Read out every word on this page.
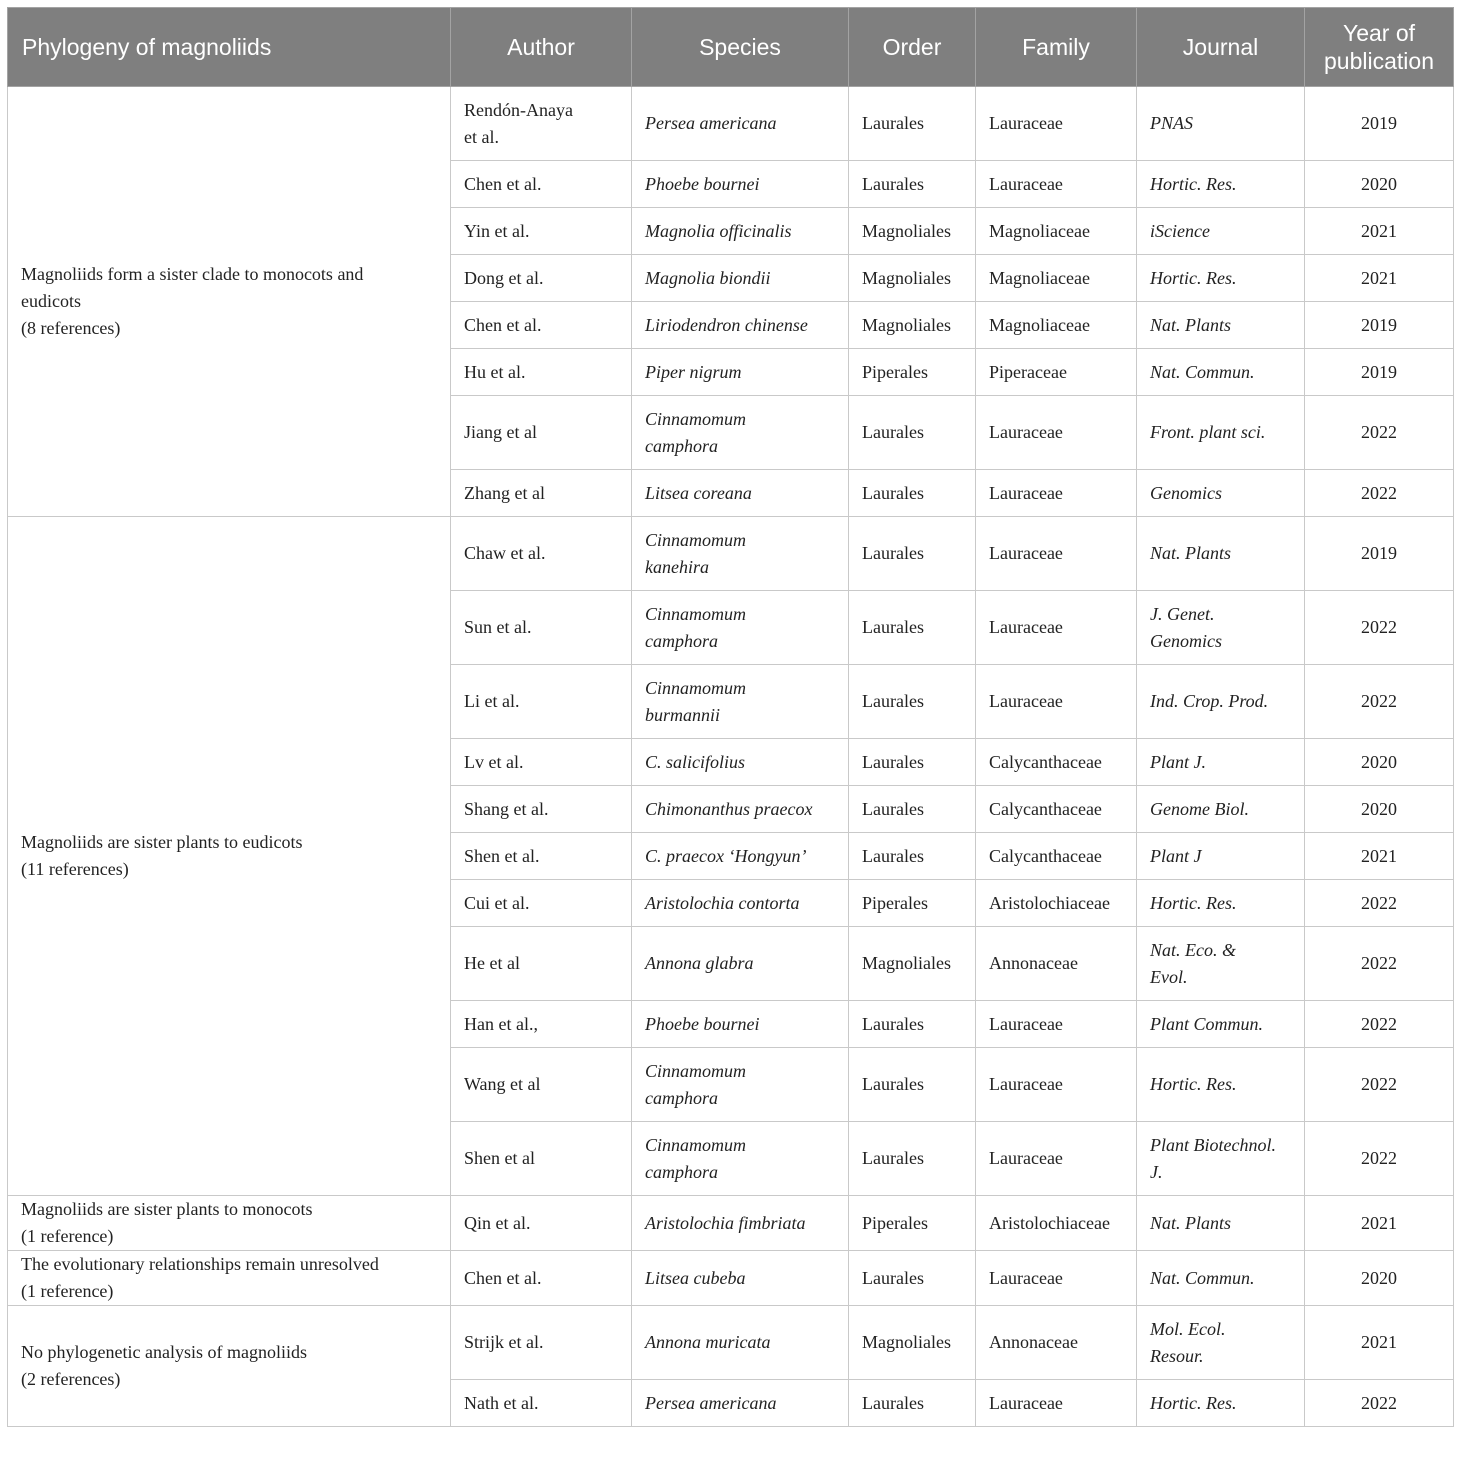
Phylogeny of magnoliids	Author	Species	Order	Family	Journal	Year of
publication
Magnoliids form a sister clade to monocots and
eudicots
(8 references)	Rendón-Anaya
et al.	Persea americana	Laurales	Lauraceae	PNAS	2019
	Chen et al.	Phoebe bournei	Laurales	Lauraceae	Hortic. Res.	2020
	Yin et al.	Magnolia officinalis	Magnoliales	Magnoliaceae	iScience	2021
	Dong et al.	Magnolia biondii	Magnoliales	Magnoliaceae	Hortic. Res.	2021
	Chen et al.	Liriodendron chinense	Magnoliales	Magnoliaceae	Nat. Plants	2019
	Hu et al.	Piper nigrum	Piperales	Piperaceae	Nat. Commun.	2019
	Jiang et al	Cinnamomum
camphora	Laurales	Lauraceae	Front. plant sci.	2022
	Zhang et al	Litsea coreana	Laurales	Lauraceae	Genomics	2022
Magnoliids are sister plants to eudicots
(11 references)	Chaw et al.	Cinnamomum
kanehira	Laurales	Lauraceae	Nat. Plants	2019
	Sun et al.	Cinnamomum
camphora	Laurales	Lauraceae	J. Genet.
Genomics	2022
	Li et al.	Cinnamomum
burmannii	Laurales	Lauraceae	Ind. Crop. Prod.	2022
	Lv et al.	C. salicifolius	Laurales	Calycanthaceae	Plant J.	2020
	Shang et al.	Chimonanthus praecox	Laurales	Calycanthaceae	Genome Biol.	2020
	Shen et al.	C. praecox ‘Hongyun’	Laurales	Calycanthaceae	Plant J	2021
	Cui et al.	Aristolochia contorta	Piperales	Aristolochiaceae	Hortic. Res.	2022
	He et al	Annona glabra	Magnoliales	Annonaceae	Nat. Eco. &
Evol.	2022
	Han et al.,	Phoebe bournei	Laurales	Lauraceae	Plant Commun.	2022
	Wang et al	Cinnamomum
camphora	Laurales	Lauraceae	Hortic. Res.	2022
	Shen et al	Cinnamomum
camphora	Laurales	Lauraceae	Plant Biotechnol.
J.	2022
Magnoliids are sister plants to monocots
(1 reference)	Qin et al.	Aristolochia fimbriata	Piperales	Aristolochiaceae	Nat. Plants	2021
The evolutionary relationships remain unresolved
(1 reference)	Chen et al.	Litsea cubeba	Laurales	Lauraceae	Nat. Commun.	2020
No phylogenetic analysis of magnoliids
(2 references)	Strijk et al.	Annona muricata	Magnoliales	Annonaceae	Mol. Ecol.
Resour.	2021
	Nath et al.	Persea americana	Laurales	Lauraceae	Hortic. Res.	2022
